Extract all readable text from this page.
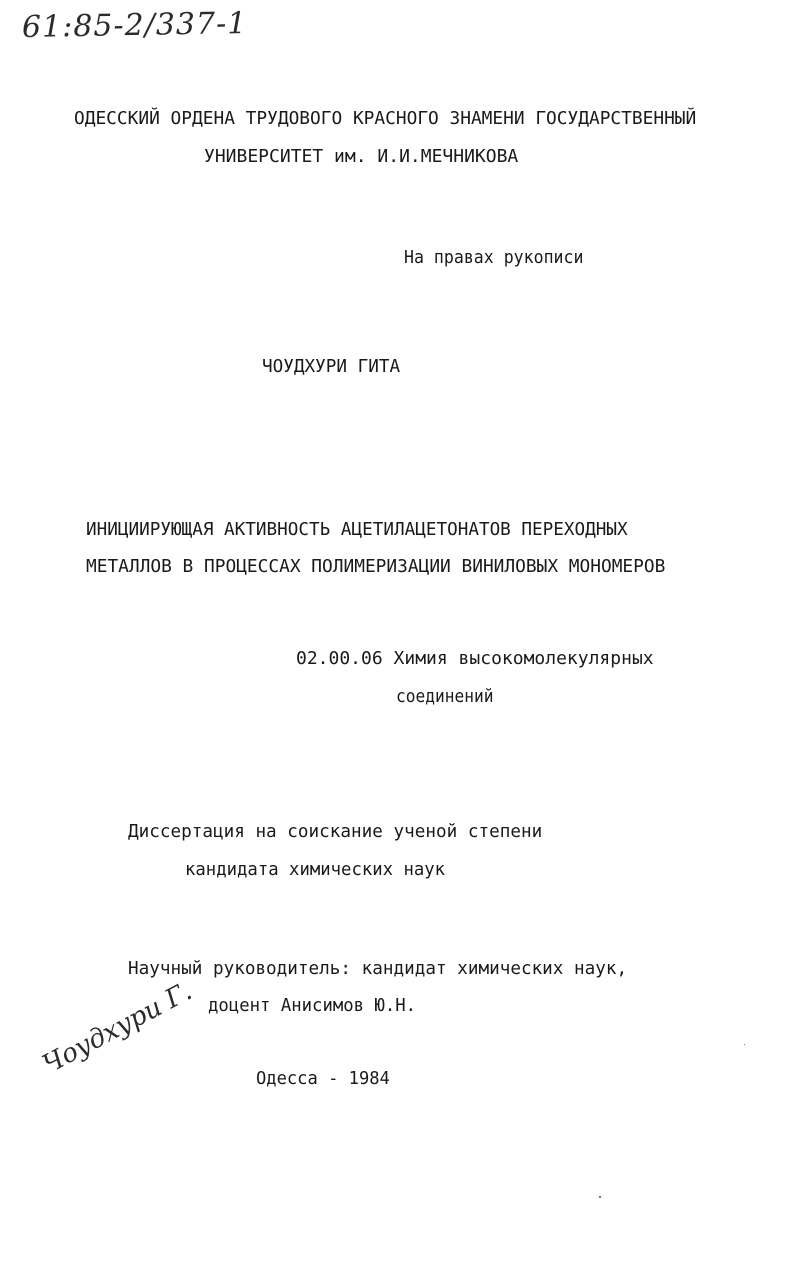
61:85-2/337-1
ОДЕССКИЙ ОРДЕНА ТРУДОВОГО КРАСНОГО ЗНАМЕНИ ГОСУДАРСТВЕННЫЙ
УНИВЕРСИТЕТ им. И.И.МЕЧНИКОВА
На правах рукописи
ЧОУДХУРИ ГИТА
ИНИЦИИРУЮЩАЯ АКТИВНОСТЬ АЦЕТИЛАЦЕТОНАТОВ ПЕРЕХОДНЫХ
МЕТАЛЛОВ В ПРОЦЕССАХ ПОЛИМЕРИЗАЦИИ ВИНИЛОВЫХ МОНОМЕРОВ
02.00.06 Химия высокомолекулярных
соединений
Диссертация на соискание ученой степени
кандидата химических наук
Научный руководитель: кандидат химических наук,
доцент Анисимов Ю.Н.
Чоудхури Г.	Одесса - 1984
